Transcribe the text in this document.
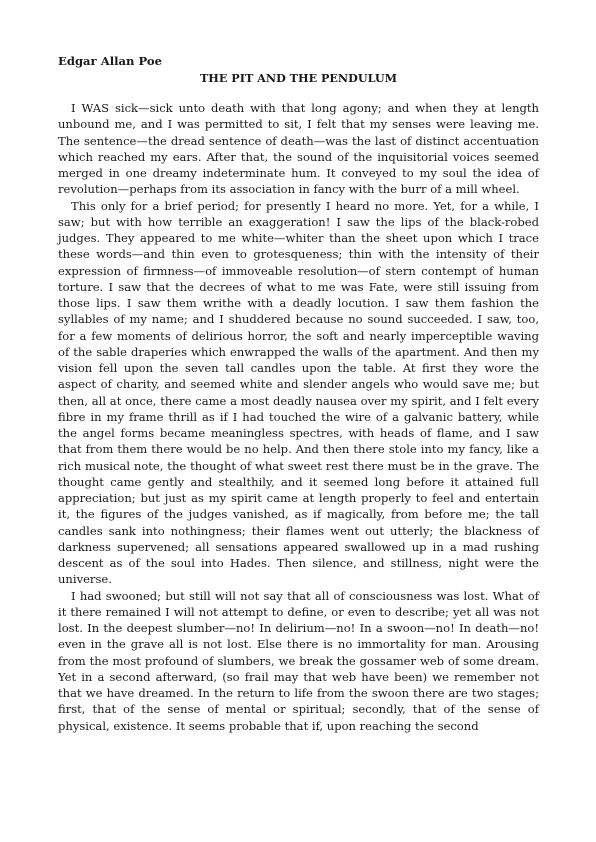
Edgar Allan Poe

THE PIT AND THE PENDULUM

I WAS sick—sick unto death with that long agony; and when they at length unbound me, and I was permitted to sit, I felt that my senses were leaving me. The sentence—the dread sentence of death—was the last of distinct accentuation which reached my ears. After that, the sound of the inquisitorial voices seemed merged in one dreamy indeterminate hum. It conveyed to my soul the idea of revolution—perhaps from its association in fancy with the burr of a mill wheel.

This only for a brief period; for presently I heard no more. Yet, for a while, I saw; but with how terrible an exaggeration! I saw the lips of the black-robed judges. They appeared to me white—whiter than the sheet upon which I trace these words—and thin even to grotesqueness; thin with the intensity of their expression of firmness—of immoveable resolution—of stern contempt of human torture. I saw that the decrees of what to me was Fate, were still issuing from those lips. I saw them writhe with a deadly locution. I saw them fashion the syllables of my name; and I shuddered because no sound succeeded. I saw, too, for a few moments of delirious horror, the soft and nearly imperceptible waving of the sable draperies which enwrapped the walls of the apartment. And then my vision fell upon the seven tall candles upon the table. At first they wore the aspect of charity, and seemed white and slender angels who would save me; but then, all at once, there came a most deadly nausea over my spirit, and I felt every fibre in my frame thrill as if I had touched the wire of a galvanic battery, while the angel forms became meaningless spectres, with heads of flame, and I saw that from them there would be no help. And then there stole into my fancy, like a rich musical note, the thought of what sweet rest there must be in the grave. The thought came gently and stealthily, and it seemed long before it attained full appreciation; but just as my spirit came at length properly to feel and entertain it, the figures of the judges vanished, as if magically, from before me; the tall candles sank into nothingness; their flames went out utterly; the blackness of darkness supervened; all sensations appeared swallowed up in a mad rushing descent as of the soul into Hades. Then silence, and stillness, night were the universe.

I had swooned; but still will not say that all of consciousness was lost. What of it there remained I will not attempt to define, or even to describe; yet all was not lost. In the deepest slumber—no! In delirium—no! In a swoon—no! In death—no! even in the grave all is not lost. Else there is no immortality for man. Arousing from the most profound of slumbers, we break the gossamer web of some dream. Yet in a second afterward, (so frail may that web have been) we remember not that we have dreamed. In the return to life from the swoon there are two stages; first, that of the sense of mental or spiritual; secondly, that of the sense of physical, existence. It seems probable that if, upon reaching the second
